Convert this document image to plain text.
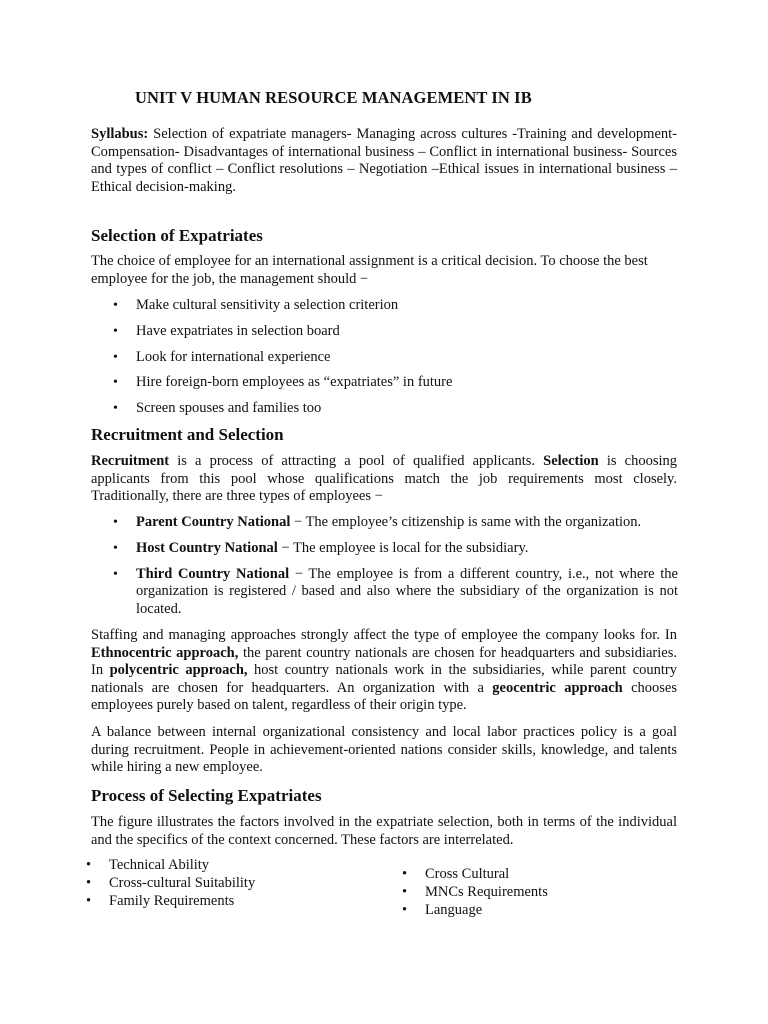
UNIT V HUMAN RESOURCE MANAGEMENT IN IB
Syllabus: Selection of expatriate managers- Managing across cultures -Training and development- Compensation- Disadvantages of international business – Conflict in international business- Sources and types of conflict – Conflict resolutions – Negotiation –Ethical issues in international business – Ethical decision-making.
Selection of Expatriates
The choice of employee for an international assignment is a critical decision. To choose the best employee for the job, the management should −
• Make cultural sensitivity a selection criterion
• Have expatriates in selection board
• Look for international experience
• Hire foreign-born employees as “expatriates” in future
• Screen spouses and families too
Recruitment and Selection
Recruitment is a process of attracting a pool of qualified applicants. Selection is choosing applicants from this pool whose qualifications match the job requirements most closely. Traditionally, there are three types of employees −
• Parent Country National − The employee’s citizenship is same with the organization.
• Host Country National − The employee is local for the subsidiary.
• Third Country National − The employee is from a different country, i.e., not where the organization is registered / based and also where the subsidiary of the organization is not located.
Staffing and managing approaches strongly affect the type of employee the company looks for. In Ethnocentric approach, the parent country nationals are chosen for headquarters and subsidiaries. In polycentric approach, host country nationals work in the subsidiaries, while parent country nationals are chosen for headquarters. An organization with a geocentric approach chooses employees purely based on talent, regardless of their origin type.
A balance between internal organizational consistency and local labor practices policy is a goal during recruitment. People in achievement-oriented nations consider skills, knowledge, and talents while hiring a new employee.
Process of Selecting Expatriates
The figure illustrates the factors involved in the expatriate selection, both in terms of the individual and the specifics of the context concerned. These factors are interrelated.
• Technical Ability
• Cross-cultural Suitability
• Family Requirements
• Cross Cultural
• MNCs Requirements
• Language
